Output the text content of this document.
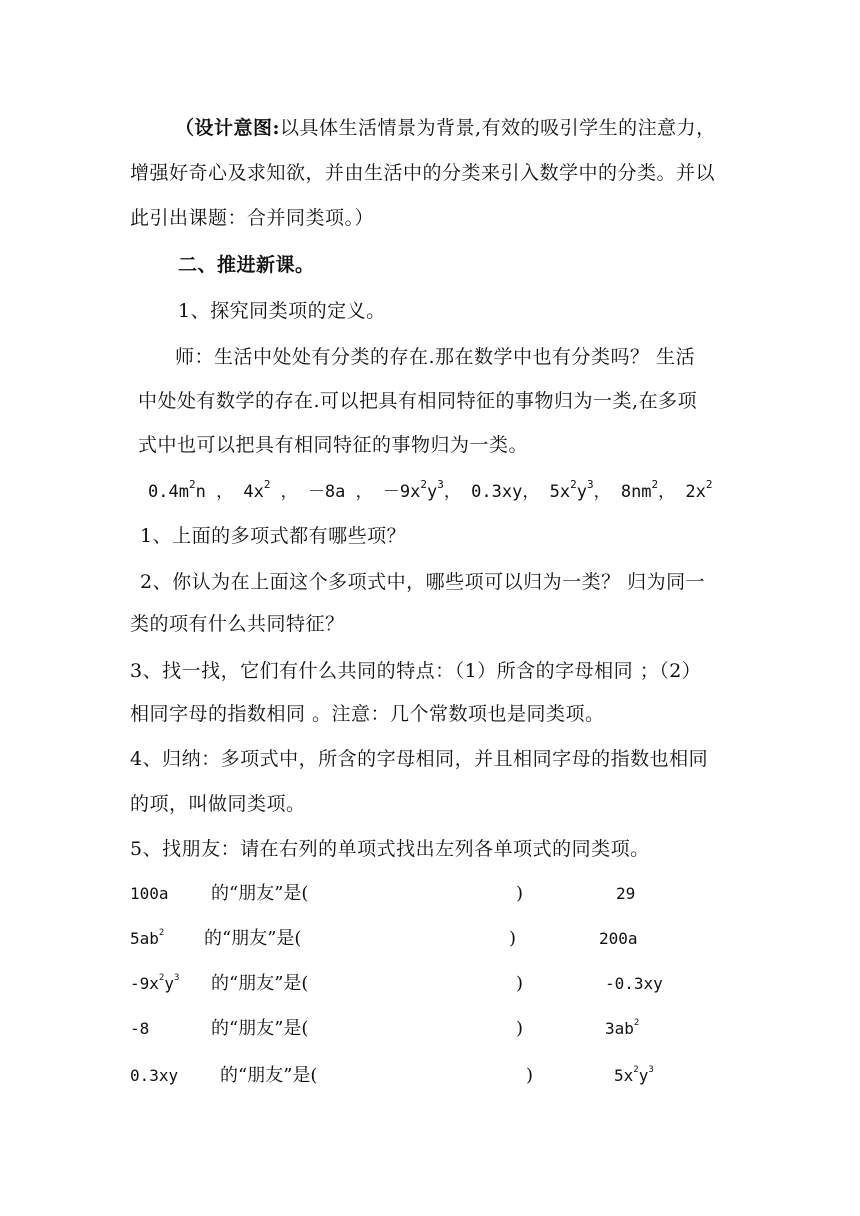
（设计意图:以具体生活情景为背景,有效的吸引学生的注意力，
增强好奇心及求知欲，并由生活中的分类来引入数学中的分类。并以
此引出课题：合并同类项。）
二、推进新课。
1、探究同类项的定义。
师：生活中处处有分类的存在.那在数学中也有分类吗？ 生活
中处处有数学的存在.可以把具有相同特征的事物归为一类,在多项
式中也可以把具有相同特征的事物归为一类。
$0.4m^2n$ ， $4x^2$ ， －8a ， $-9x^2y^3$， 0.3xy， $5x^2y^3$， $8nm^2$， $2x^2$
1、上面的多项式都有哪些项？
2、你认为在上面这个多项式中，哪些项可以归为一类？ 归为同一
类的项有什么共同特征？
3、找一找，它们有什么共同的特点：（1）所含的字母相同 ；（2）
相同字母的指数相同 。注意：几个常数项也是同类项。
4、归纳：多项式中，所含的字母相同，并且相同字母的指数也相同
的项，叫做同类项。
5、找朋友：请在右列的单项式找出左列各单项式的同类项。
100a 的“朋友”是(	)	29
$5ab^2$ 的“朋友”是(	)	200a
$-9x^2y^3$ 的“朋友”是(	)	-0.3xy
-8	的“朋友”是(	)	$3ab^2$
0.3xy 的“朋友”是(	)	$5x^2y^3$
